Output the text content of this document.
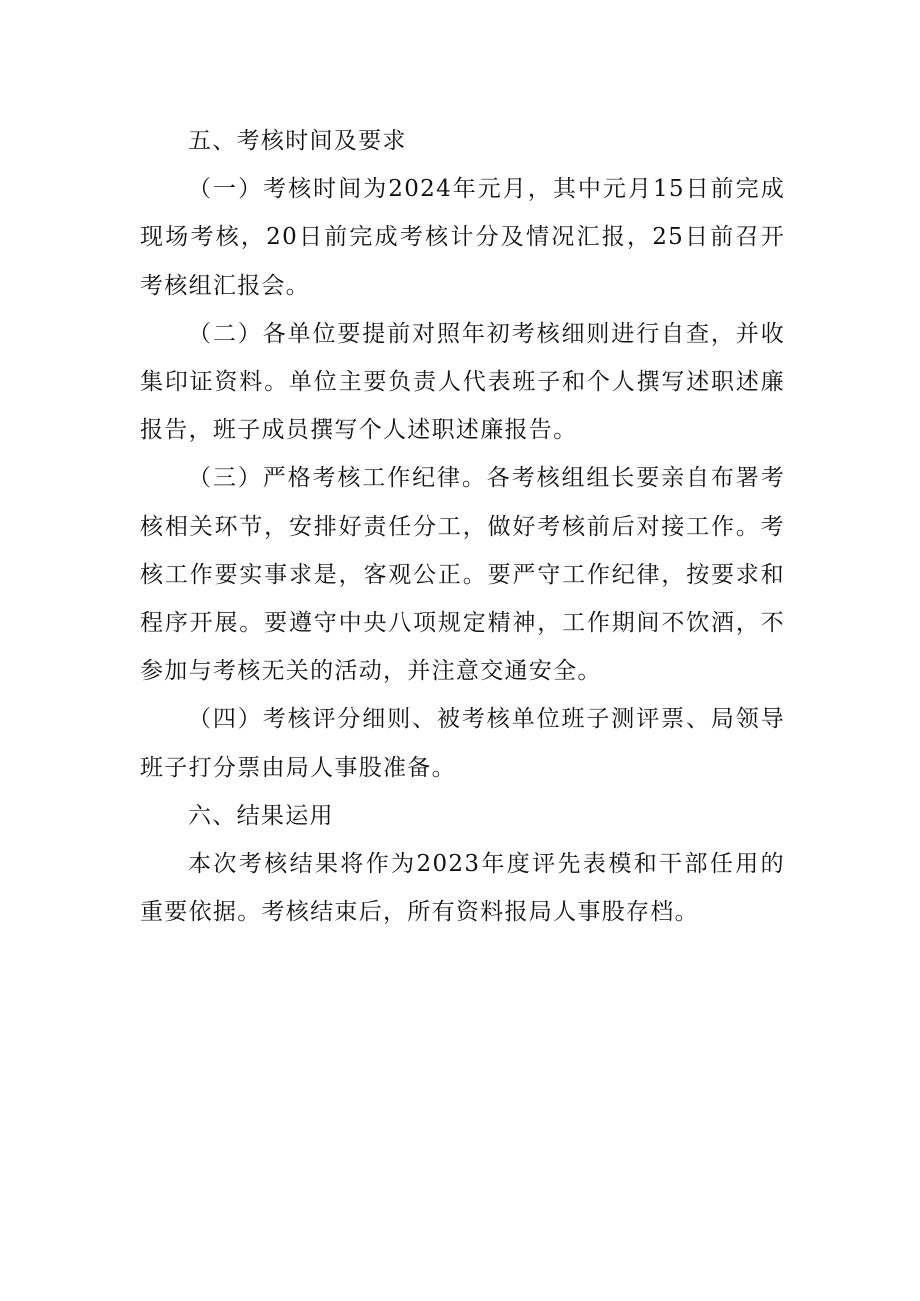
五、考核时间及要求

（一）考核时间为2024年元月，其中元月15日前完成现场考核，20日前完成考核计分及情况汇报，25日前召开考核组汇报会。

（二）各单位要提前对照年初考核细则进行自查，并收集印证资料。单位主要负责人代表班子和个人撰写述职述廉报告，班子成员撰写个人述职述廉报告。

（三）严格考核工作纪律。各考核组组长要亲自布署考核相关环节，安排好责任分工，做好考核前后对接工作。考核工作要实事求是，客观公正。要严守工作纪律，按要求和程序开展。要遵守中央八项规定精神，工作期间不饮酒，不参加与考核无关的活动，并注意交通安全。

（四）考核评分细则、被考核单位班子测评票、局领导班子打分票由局人事股准备。

六、结果运用

本次考核结果将作为2023年度评先表模和干部任用的重要依据。考核结束后，所有资料报局人事股存档。
